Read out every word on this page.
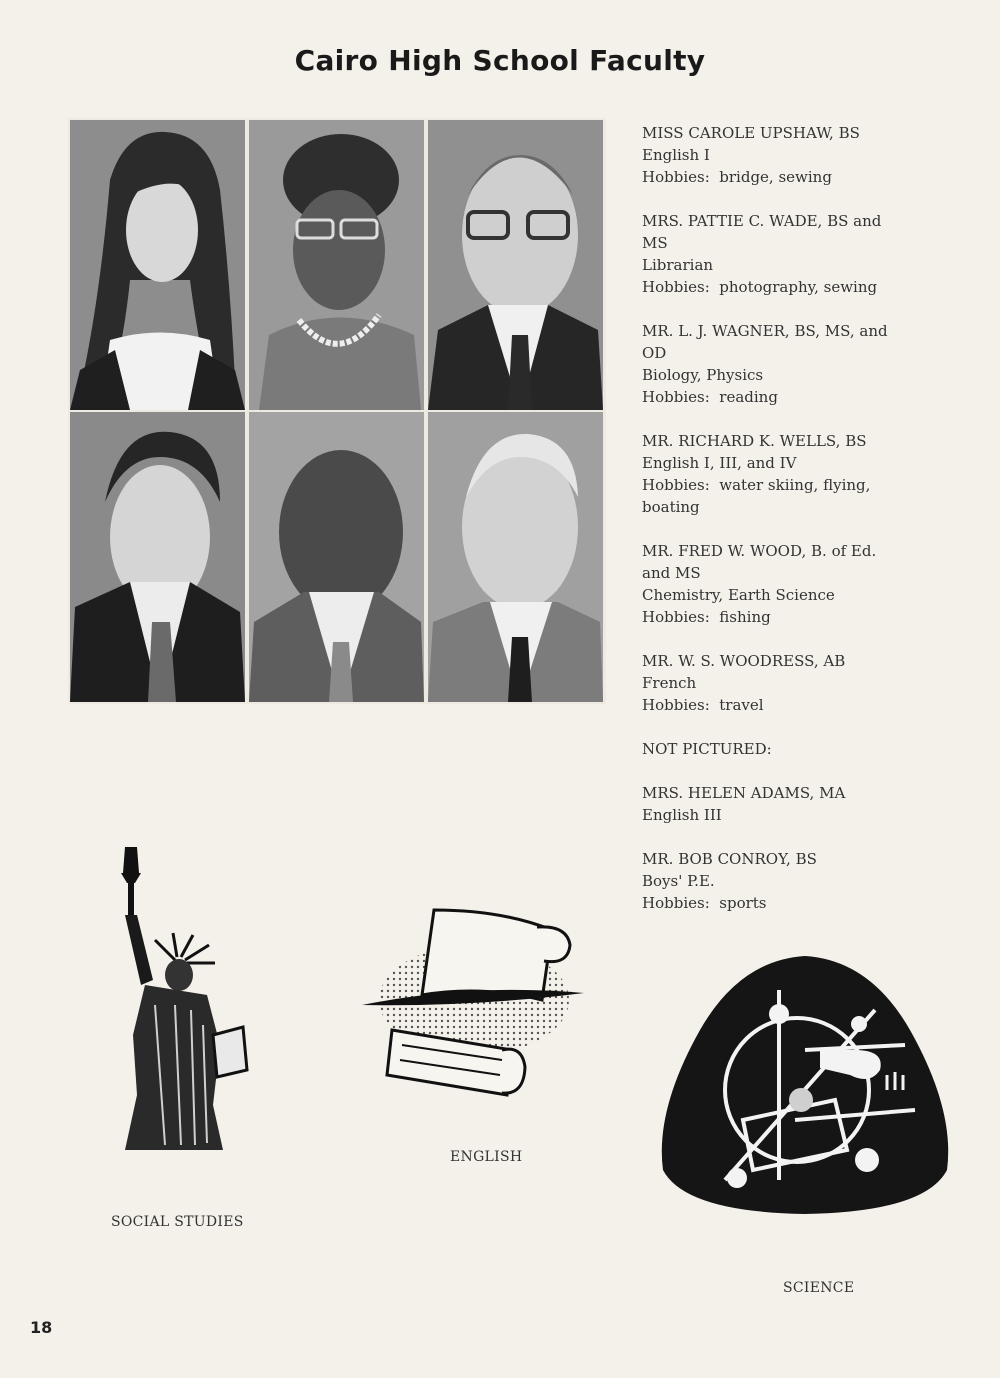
Cairo High School Faculty
MISS CAROLE UPSHAW, BS
English I
Hobbies:  bridge, sewing
MRS. PATTIE C. WADE, BS and
MS
Librarian
Hobbies:  photography, sewing
MR. L. J. WAGNER, BS, MS, and
OD
Biology, Physics
Hobbies:  reading
MR. RICHARD K. WELLS, BS
English I, III, and IV
Hobbies:  water skiing, flying,
boating
MR. FRED W. WOOD, B. of Ed.
and MS
Chemistry, Earth Science
Hobbies:  fishing
MR. W. S. WOODRESS, AB
French
Hobbies:  travel
NOT PICTURED:
MRS. HELEN ADAMS, MA
English III
MR. BOB CONROY, BS
Boys' P.E.
Hobbies:  sports
SOCIAL STUDIES
ENGLISH
SCIENCE
18
